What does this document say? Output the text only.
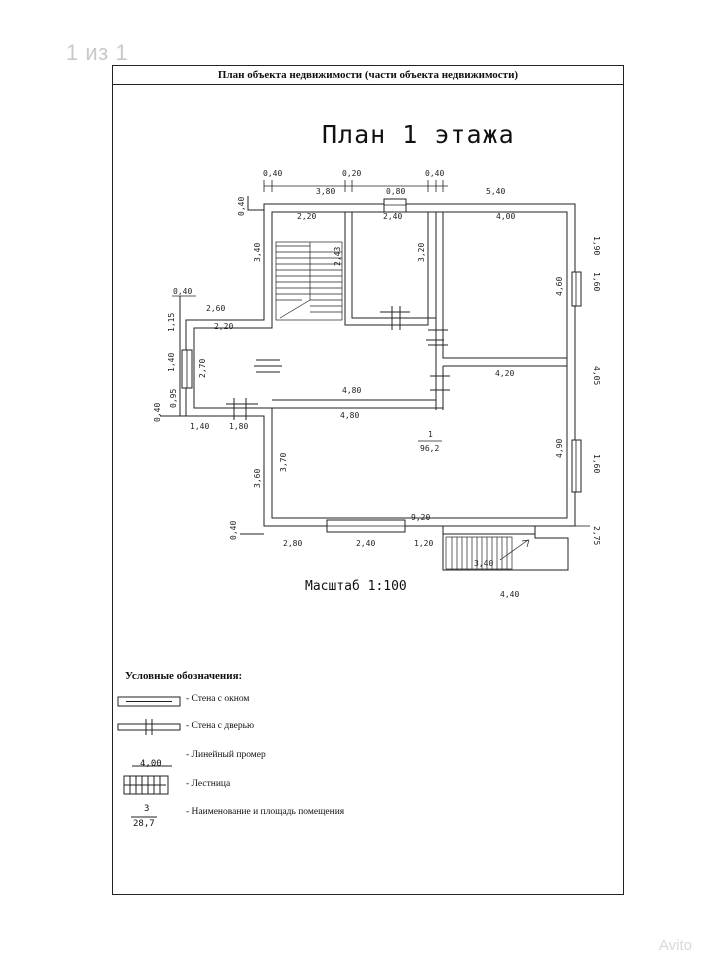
1 из 1
План объекта недвижимости (части объекта недвижимости)
План 1 этажа
0,40
3,80
0,20
0,80
0,40
5,40
0,40
2,20	2,40	4,00
1,90
3,40	2,43	3,20
4,60	1,60
0,40
2,60
1,15	2,20
1,40	2,70
4,80
4,20	4,05
0,95
0,40
1,40 1,80
4,80
3,70
3,60
4,90
1,60
9,20
0,40
2,80	2,40	1,20	2,75
3,40
4,40
1
96,2
Масштаб 1:100
Условные обозначения:
- Стена с окном
- Стена с дверью
4,00
- Линейный промер
- Лестница
3
28,7
- Наименование и площадь помещения
Avito
